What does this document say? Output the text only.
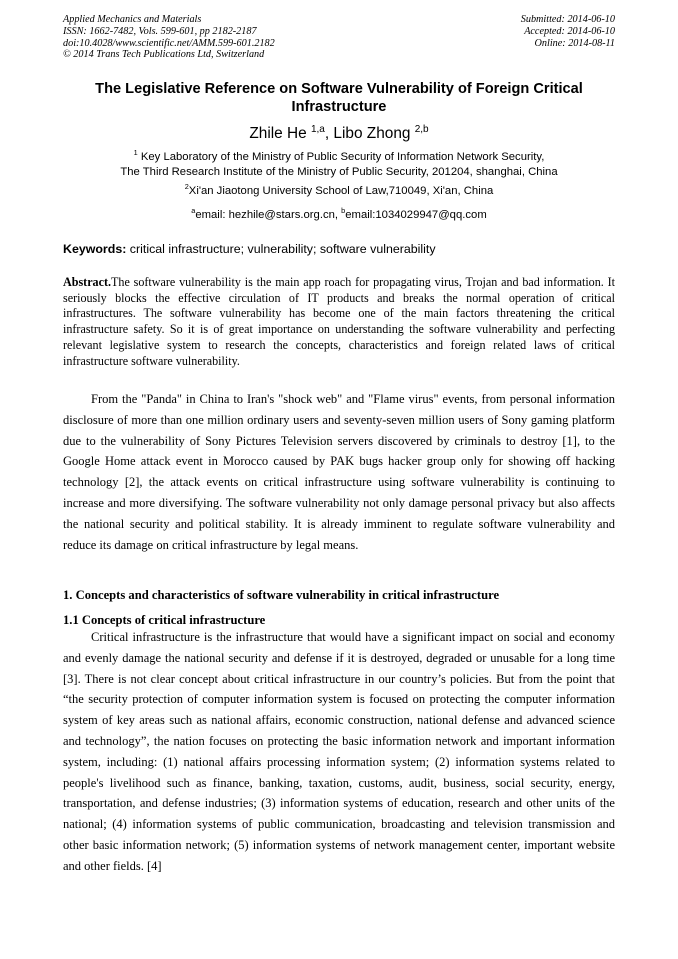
Applied Mechanics and Materials
ISSN: 1662-7482, Vols. 599-601, pp 2182-2187
doi:10.4028/www.scientific.net/AMM.599-601.2182
© 2014 Trans Tech Publications Ltd, Switzerland
Submitted: 2014-06-10
Accepted: 2014-06-10
Online: 2014-08-11
The Legislative Reference on Software Vulnerability of Foreign Critical Infrastructure
Zhile He $^{1,a}$, Libo Zhong $^{2,b}$
$^1$ Key Laboratory of the Ministry of Public Security of Information Network Security,
The Third Research Institute of the Ministry of Public Security, 201204, shanghai, China
$^2$Xi'an Jiaotong University School of Law,710049, Xi'an, China
$^a$email: hezhile@stars.org.cn, $^b$email:1034029947@qq.com
Keywords: critical infrastructure; vulnerability; software vulnerability
Abstract.The software vulnerability is the main app roach for propagating virus, Trojan and bad information. It seriously blocks the effective circulation of IT products and breaks the normal operation of critical infrastructures. The software vulnerability has become one of the main factors threatening the critical infrastructure safety. So it is of great importance on understanding the software vulnerability and perfecting relevant legislative system to research the concepts, characteristics and foreign related laws of critical infrastructure software vulnerability.
From the "Panda" in China to Iran's "shock web" and "Flame virus" events, from personal information disclosure of more than one million ordinary users and seventy-seven million users of Sony gaming platform due to the vulnerability of Sony Pictures Television servers discovered by criminals to destroy [1], to the Google Home attack event in Morocco caused by PAK bugs hacker group only for showing off hacking technology [2], the attack events on critical infrastructure using software vulnerability is continuing to increase and more diversifying. The software vulnerability not only damage personal privacy but also affects the national security and political stability. It is already imminent to regulate software vulnerability and reduce its damage on critical infrastructure by legal means.
1. Concepts and characteristics of software vulnerability in critical infrastructure
1.1 Concepts of critical infrastructure
Critical infrastructure is the infrastructure that would have a significant impact on social and economy and evenly damage the national security and defense if it is destroyed, degraded or unusable for a long time [3]. There is not clear concept about critical infrastructure in our country’s policies. But from the point that “the security protection of computer information system is focused on protecting the computer information system of key areas such as national affairs, economic construction, national defense and advanced science and technology”, the nation focuses on protecting the basic information network and important information system, including: (1) national affairs processing information system; (2) information systems related to people's livelihood such as finance, banking, taxation, customs, audit, business, social security, energy, transportation, and defense industries; (3) information systems of education, research and other units of the national; (4) information systems of public communication, broadcasting and television transmission and other basic information network; (5) information systems of network management center, important website and other fields. [4]
